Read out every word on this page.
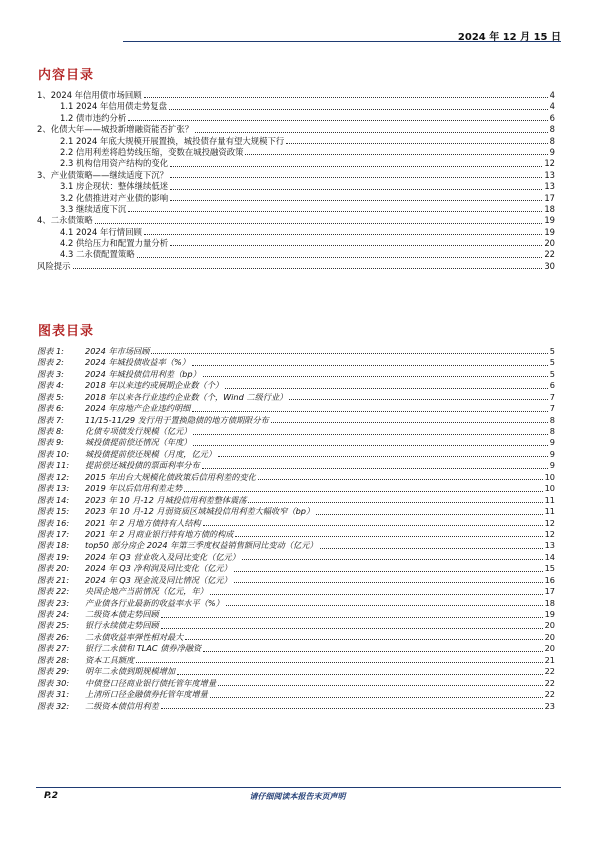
2024 年 12 月 15 日
内容目录
1、2024 年信用债市场回顾	4
1.1 2024 年信用债走势复盘	4
1.2 债市违约分析	6
2、化债大年——城投新增融资能否扩张？	8
2.1 2024 年底大规模开展置换，城投债存量有望大规模下行	8
2.2 信用利差将趋势线压缩，变数在城投融资政策	9
2.3 机构信用资产结构的变化	12
3、产业债策略——继续适度下沉？	13
3.1 房企现状：整体继续低迷	13
3.2 化债推进对产业债的影响	17
3.3 继续适度下沉	18
4、二永债策略	19
4.1 2024 年行情回顾	19
4.2 供给压力和配置力量分析	20
4.3 二永债配置策略	22
风险提示	30
图表目录
图表 1:	2024 年市场回顾	5
图表 2:	2024 年城投债收益率（%）	5
图表 3:	2024 年城投债信用利差（bp）	5
图表 4:	2018 年以来违约或展期企业数（个）	6
图表 5:	2018 年以来各行业违约企业数（个，Wind 二级行业）	7
图表 6:	2024 年房地产企业违约明细	7
图表 7:	11/15-11/29 发行用于置换隐债的地方债期限分布	8
图表 8:	化债专项债发行规模（亿元）	8
图表 9:	城投债提前偿还情况（年度）	9
图表 10:	城投债提前偿还规模（月度，亿元）	9
图表 11:	提前偿还城投债的票面利率分布	9
图表 12:	2015 年出台大规模化债政策后信用利差的变化	10
图表 13:	2019 年以后信用利差走势	10
图表 14:	2023 年 10 月-12 月城投信用利差整体震荡	11
图表 15:	2023 年 10 月-12 月弱资质区域城投信用利差大幅收窄（bp）	11
图表 16:	2021 年 2 月地方债持有人结构	12
图表 17:	2021 年 2 月商业银行持有地方债的构成	12
图表 18:	top50 部分房企 2024 年第三季度权益销售额同比变动（亿元）	13
图表 19:	2024 年 Q3 营业收入及同比变化（亿元）	14
图表 20:	2024 年 Q3 净利润及同比变化（亿元）	15
图表 21:	2024 年 Q3 现金流及同比情况（亿元）	16
图表 22:	央国企地产当前情况（亿元，年）	17
图表 23:	产业债各行业最新的收益率水平（%）	18
图表 24:	二级资本债走势回顾	19
图表 25:	银行永续债走势回顾	20
图表 26:	二永债收益率弹性相对最大	20
图表 27:	银行二永债和 TLAC 债券净融资	20
图表 28:	资本工具额度	21
图表 29:	明年二永债到期规模增加	22
图表 30:	中债登口径商业银行债托管年度增量	22
图表 31:	上清所口径金融债券托管年度增量	22
图表 32:	二级资本债信用利差	23
P.2	请仔细阅读本报告末页声明
